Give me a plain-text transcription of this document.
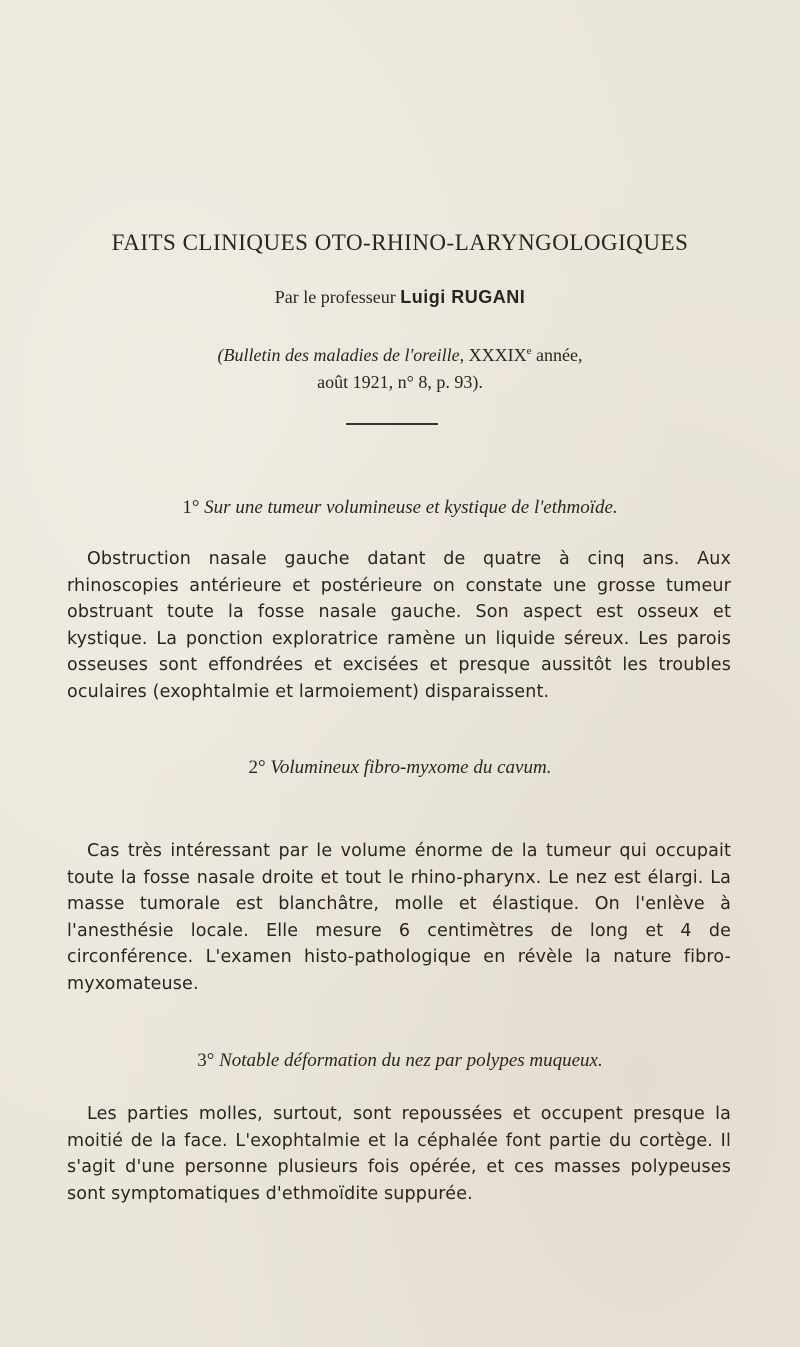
FAITS CLINIQUES OTO-RHINO-LARYNGOLOGIQUES
Par le professeur Luigi RUGANI
(Bulletin des maladies de l'oreille, XXXIXe année,
août 1921, n° 8, p. 93).
1° Sur une tumeur volumineuse et kystique de l'ethmoïde.
Obstruction nasale gauche datant de quatre à cinq ans. Aux rhinoscopies antérieure et postérieure on constate une grosse tumeur obstruant toute la fosse nasale gauche. Son aspect est osseux et kystique. La ponction exploratrice ramène un liquide séreux. Les parois osseuses sont effondrées et excisées et presque aussitôt les troubles oculaires (exophtalmie et larmoiement) disparaissent.
2° Volumineux fibro-myxome du cavum.
Cas très intéressant par le volume énorme de la tumeur qui occupait toute la fosse nasale droite et tout le rhino-pharynx. Le nez est élargi. La masse tumorale est blanchâtre, molle et élastique. On l'enlève à l'anesthésie locale. Elle mesure 6 centimètres de long et 4 de circonférence. L'examen histo-pathologique en révèle la nature fibro-myxomateuse.
3° Notable déformation du nez par polypes muqueux.
Les parties molles, surtout, sont repoussées et occupent presque la moitié de la face. L'exophtalmie et la céphalée font partie du cortège. Il s'agit d'une personne plusieurs fois opérée, et ces masses polypeuses sont symptomatiques d'ethmoïdite suppurée.
